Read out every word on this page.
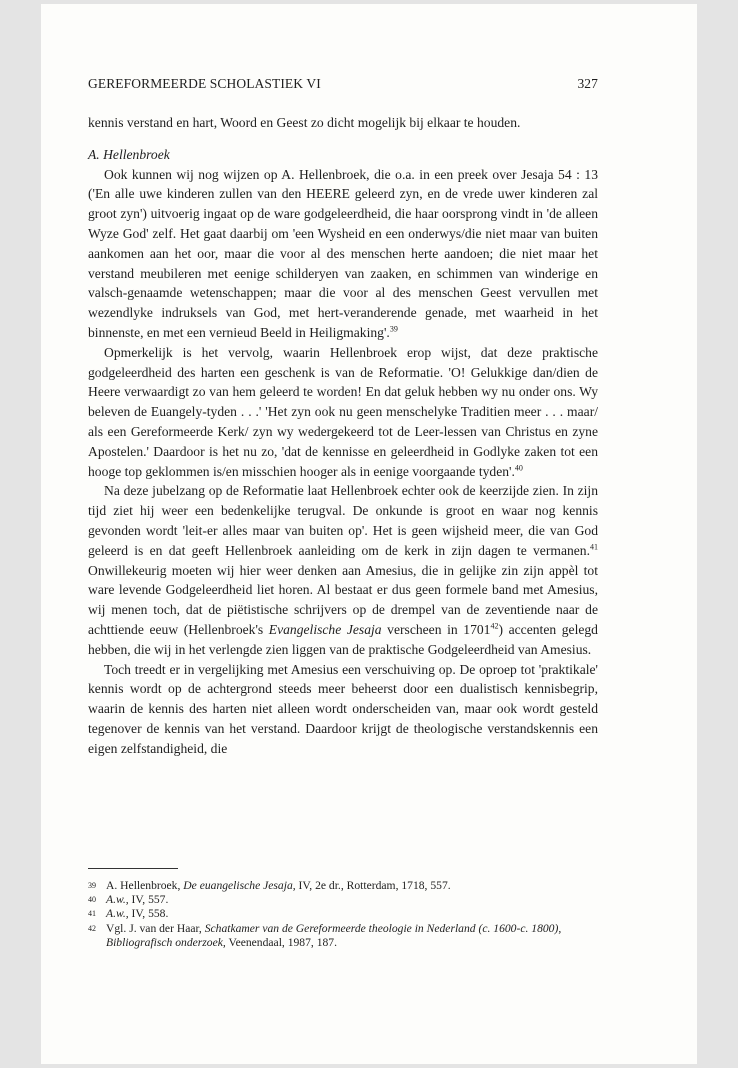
GEREFORMEERDE SCHOLASTIEK VI	327

kennis verstand en hart, Woord en Geest zo dicht mogelijk bij elkaar te houden.

A. Hellenbroek

Ook kunnen wij nog wijzen op A. Hellenbroek, die o.a. in een preek over Jesaja 54 : 13 ('En alle uwe kinderen zullen van den HEERE geleerd zyn, en de vrede uwer kinderen zal groot zyn') uitvoerig ingaat op de ware godgeleerdheid, die haar oorsprong vindt in 'de alleen Wyze God' zelf. Het gaat daarbij om 'een Wysheid en een onderwys/die niet maar van buiten aankomen aan het oor, maar die voor al des menschen herte aandoen; die niet maar het verstand meubileren met eenige schilderyen van zaaken, en schimmen van winderige en valsch-genaamde wetenschappen; maar die voor al des menschen Geest vervullen met wezendlyke indruksels van God, met hert-veranderende genade, met waarheid in het binnenste, en met een vernieud Beeld in Heiligmaking'.$^{39}$

Opmerkelijk is het vervolg, waarin Hellenbroek erop wijst, dat deze praktische godgeleerdheid des harten een geschenk is van de Reformatie. 'O! Gelukkige dan/dien de Heere verwaardigt zo van hem geleerd te worden! En dat geluk hebben wy nu onder ons. Wy beleven de Euangely-tyden . . .' 'Het zyn ook nu geen menschelyke Traditien meer . . . maar/ als een Gereformeerde Kerk/ zyn wy wedergekeerd tot de Leer-lessen van Christus en zyne Apostelen.' Daardoor is het nu zo, 'dat de kennisse en geleerdheid in Godlyke zaken tot een hooge top geklommen is/en misschien hooger als in eenige voorgaande tyden'.$^{40}$

Na deze jubelzang op de Reformatie laat Hellenbroek echter ook de keerzijde zien. In zijn tijd ziet hij weer een bedenkelijke terugval. De onkunde is groot en waar nog kennis gevonden wordt 'leit-er alles maar van buiten op'. Het is geen wijsheid meer, die van God geleerd is en dat geeft Hellenbroek aanleiding om de kerk in zijn dagen te vermanen.$^{41}$ Onwillekeurig moeten wij hier weer denken aan Amesius, die in gelijke zin zijn appèl tot ware levende Godgeleerdheid liet horen. Al bestaat er dus geen formele band met Amesius, wij menen toch, dat de piëtistische schrijvers op de drempel van de zeventiende naar de achttiende eeuw (Hellenbroek's Evangelische Jesaja verscheen in 1701$^{42}$) accenten gelegd hebben, die wij in het verlengde zien liggen van de praktische Godgeleerdheid van Amesius.

Toch treedt er in vergelijking met Amesius een verschuiving op. De oproep tot 'praktikale' kennis wordt op de achtergrond steeds meer beheerst door een dualistisch kennisbegrip, waarin de kennis des harten niet alleen wordt onderscheiden van, maar ook wordt gesteld tegenover de kennis van het verstand. Daardoor krijgt de theologische verstandskennis een eigen zelfstandigheid, die

39 A. Hellenbroek, De euangelische Jesaja, IV, 2e dr., Rotterdam, 1718, 557.
40 A.w., IV, 557.
41 A.w., IV, 558.
42 Vgl. J. van der Haar, Schatkamer van de Gereformeerde theologie in Nederland (c. 1600-c. 1800), Bibliografisch onderzoek, Veenendaal, 1987, 187.
